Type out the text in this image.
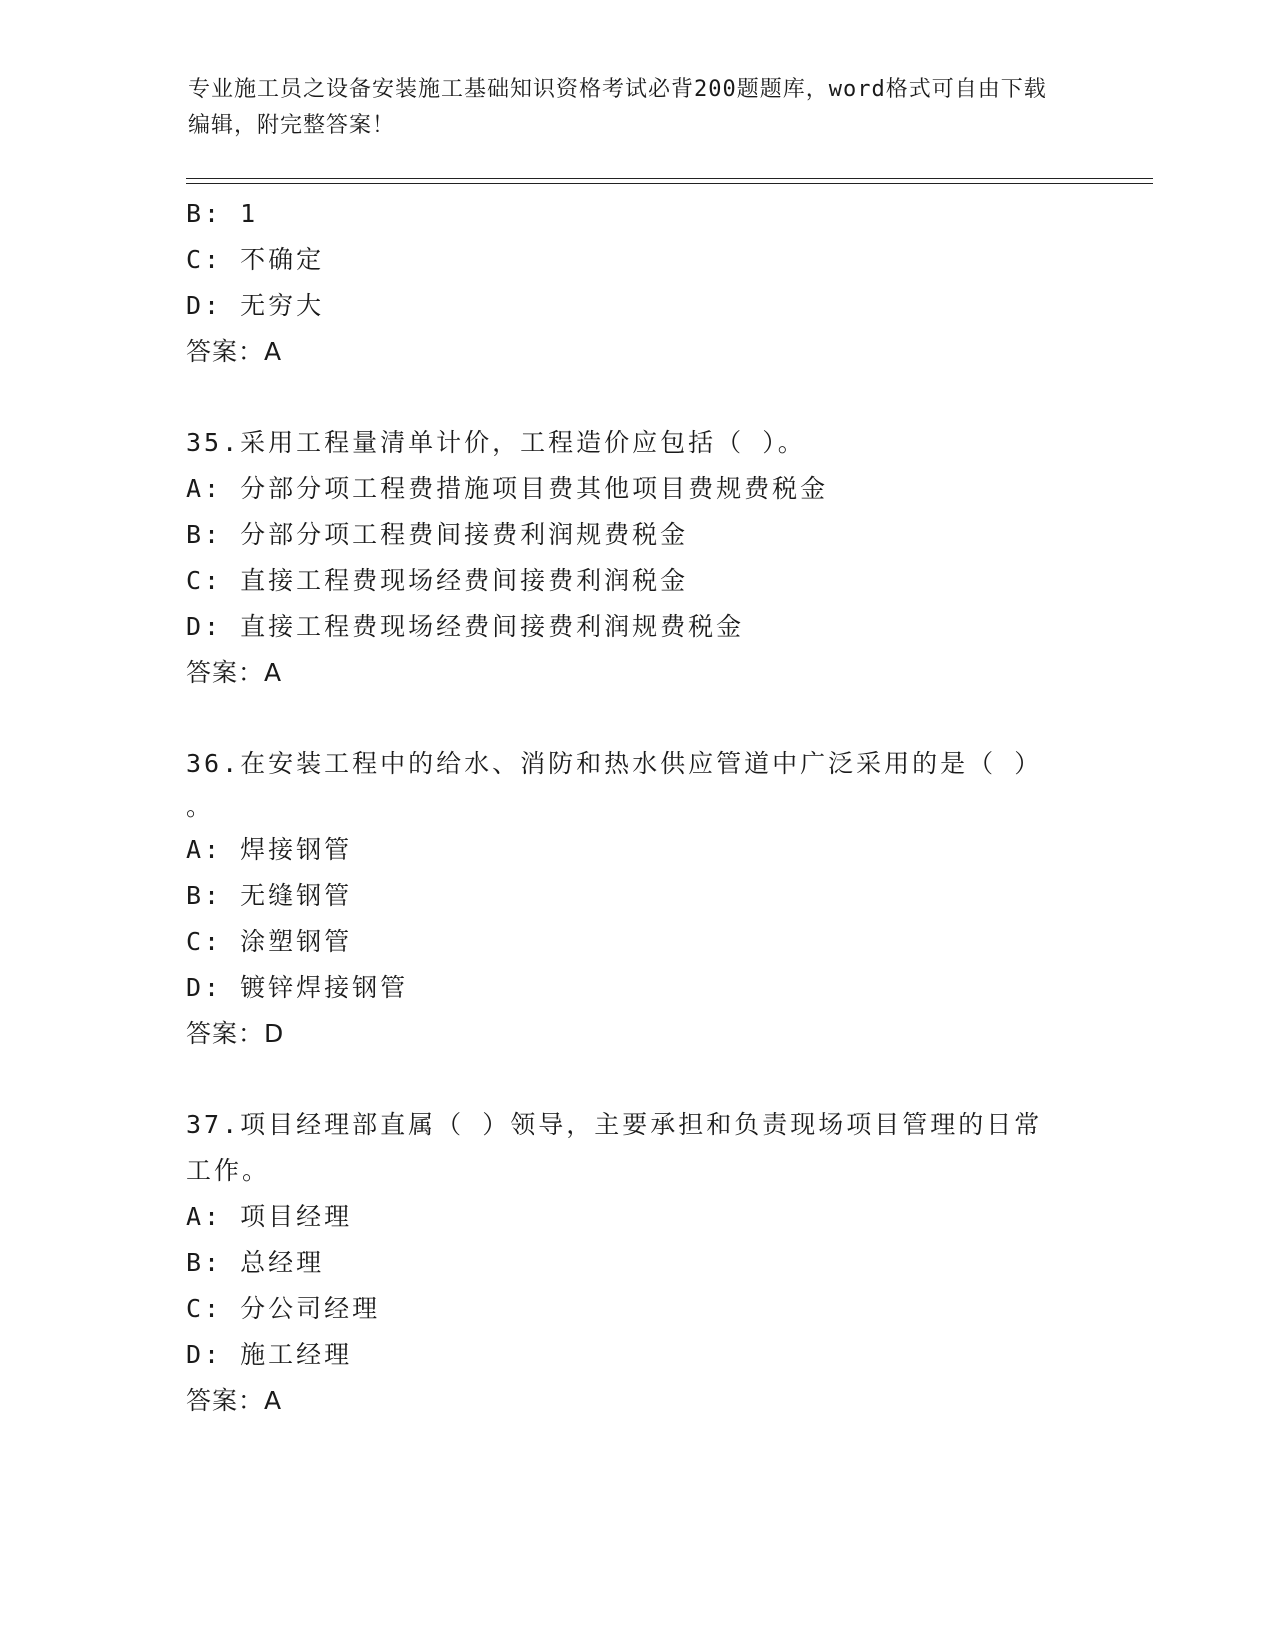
专业施工员之设备安装施工基础知识资格考试必背200题题库，word格式可自由下载编辑，附完整答案！
B: 1
C: 不确定
D: 无穷大
答案：A
35.采用工程量清单计价，工程造价应包括（ ）。
A: 分部分项工程费措施项目费其他项目费规费税金
B: 分部分项工程费间接费利润规费税金
C: 直接工程费现场经费间接费利润税金
D: 直接工程费现场经费间接费利润规费税金
答案：A
36.在安装工程中的给水、消防和热水供应管道中广泛采用的是（ ）
。
A: 焊接钢管
B: 无缝钢管
C: 涂塑钢管
D: 镀锌焊接钢管
答案：D
37.项目经理部直属（ ）领导，主要承担和负责现场项目管理的日常
工作。
A: 项目经理
B: 总经理
C: 分公司经理
D: 施工经理
答案：A
